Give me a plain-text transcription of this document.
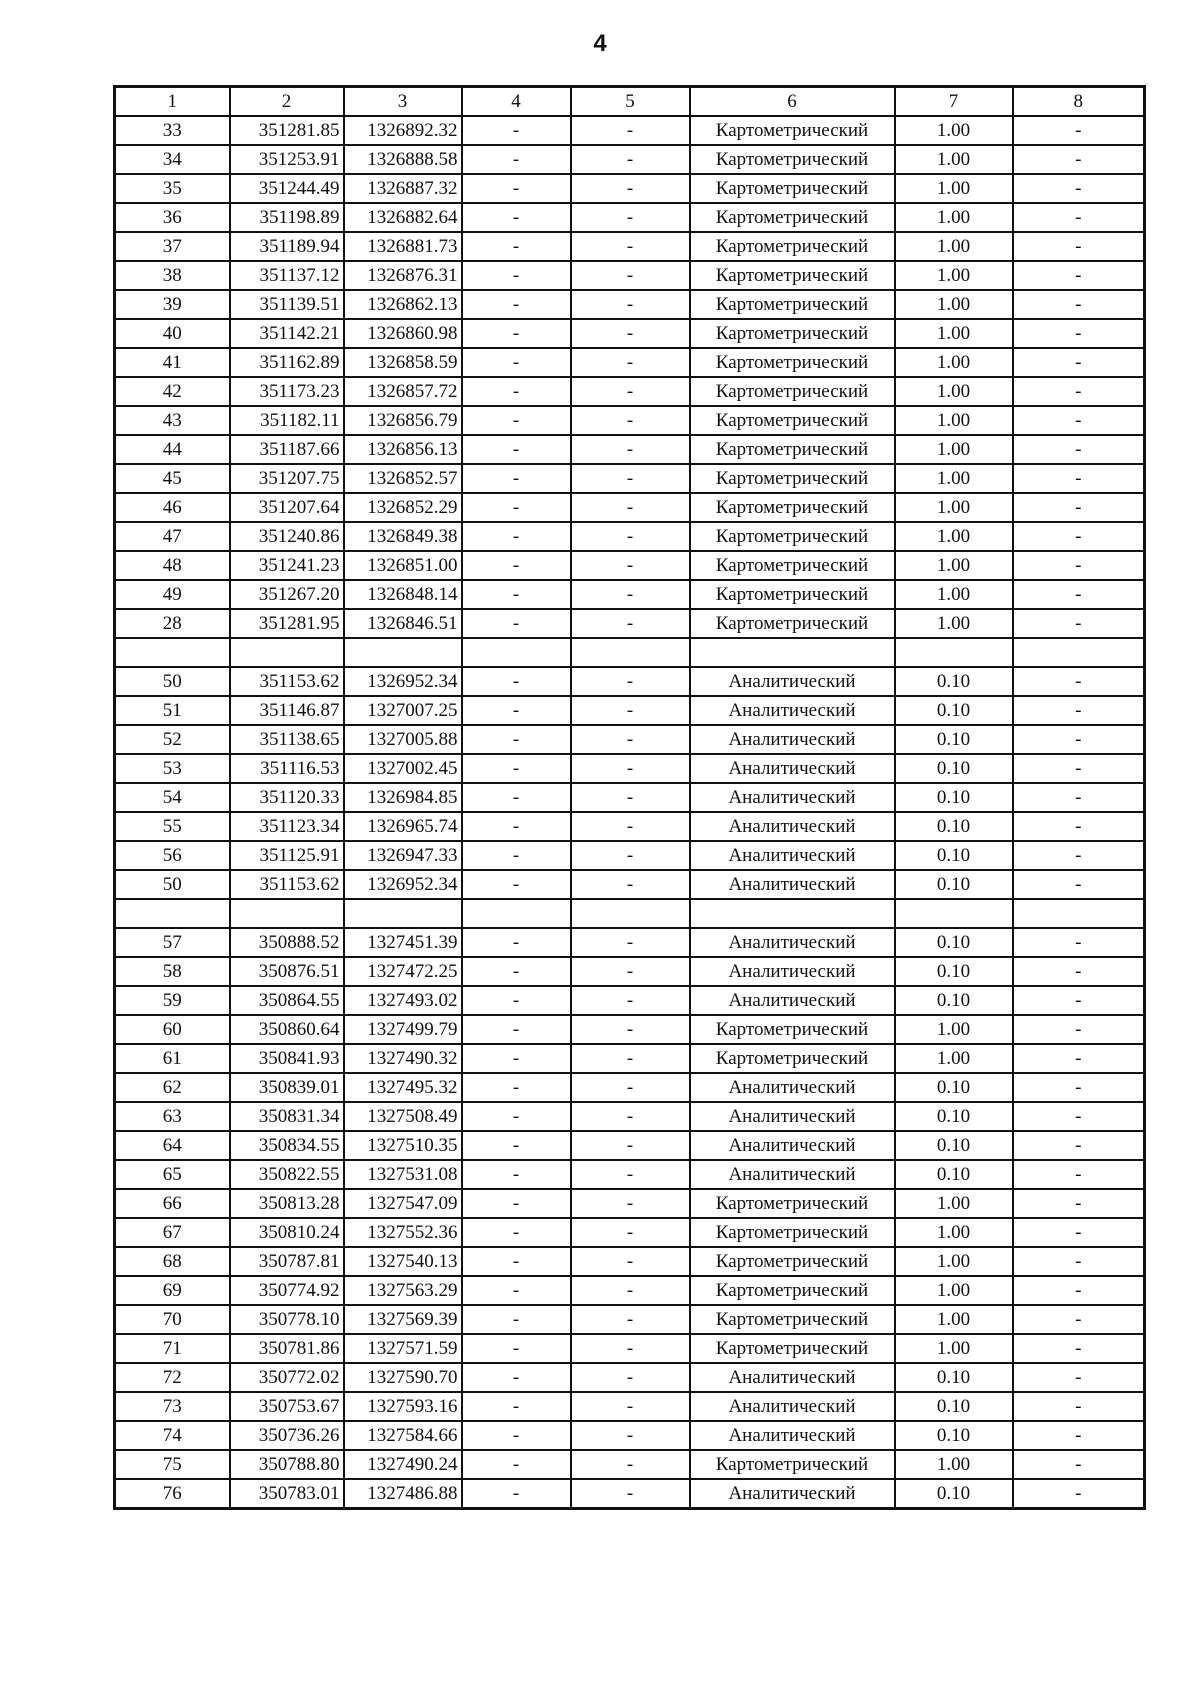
4
1	2	3	4	5	6	7	8
33	351281.85	1326892.32	-	-	Картометрический	1.00	-
34	351253.91	1326888.58	-	-	Картометрический	1.00	-
35	351244.49	1326887.32	-	-	Картометрический	1.00	-
36	351198.89	1326882.64	-	-	Картометрический	1.00	-
37	351189.94	1326881.73	-	-	Картометрический	1.00	-
38	351137.12	1326876.31	-	-	Картометрический	1.00	-
39	351139.51	1326862.13	-	-	Картометрический	1.00	-
40	351142.21	1326860.98	-	-	Картометрический	1.00	-
41	351162.89	1326858.59	-	-	Картометрический	1.00	-
42	351173.23	1326857.72	-	-	Картометрический	1.00	-
43	351182.11	1326856.79	-	-	Картометрический	1.00	-
44	351187.66	1326856.13	-	-	Картометрический	1.00	-
45	351207.75	1326852.57	-	-	Картометрический	1.00	-
46	351207.64	1326852.29	-	-	Картометрический	1.00	-
47	351240.86	1326849.38	-	-	Картометрический	1.00	-
48	351241.23	1326851.00	-	-	Картометрический	1.00	-
49	351267.20	1326848.14	-	-	Картометрический	1.00	-
28	351281.95	1326846.51	-	-	Картометрический	1.00	-

50	351153.62	1326952.34	-	-	Аналитический	0.10	-
51	351146.87	1327007.25	-	-	Аналитический	0.10	-
52	351138.65	1327005.88	-	-	Аналитический	0.10	-
53	351116.53	1327002.45	-	-	Аналитический	0.10	-
54	351120.33	1326984.85	-	-	Аналитический	0.10	-
55	351123.34	1326965.74	-	-	Аналитический	0.10	-
56	351125.91	1326947.33	-	-	Аналитический	0.10	-
50	351153.62	1326952.34	-	-	Аналитический	0.10	-

57	350888.52	1327451.39	-	-	Аналитический	0.10	-
58	350876.51	1327472.25	-	-	Аналитический	0.10	-
59	350864.55	1327493.02	-	-	Аналитический	0.10	-
60	350860.64	1327499.79	-	-	Картометрический	1.00	-
61	350841.93	1327490.32	-	-	Картометрический	1.00	-
62	350839.01	1327495.32	-	-	Аналитический	0.10	-
63	350831.34	1327508.49	-	-	Аналитический	0.10	-
64	350834.55	1327510.35	-	-	Аналитический	0.10	-
65	350822.55	1327531.08	-	-	Аналитический	0.10	-
66	350813.28	1327547.09	-	-	Картометрический	1.00	-
67	350810.24	1327552.36	-	-	Картометрический	1.00	-
68	350787.81	1327540.13	-	-	Картометрический	1.00	-
69	350774.92	1327563.29	-	-	Картометрический	1.00	-
70	350778.10	1327569.39	-	-	Картометрический	1.00	-
71	350781.86	1327571.59	-	-	Картометрический	1.00	-
72	350772.02	1327590.70	-	-	Аналитический	0.10	-
73	350753.67	1327593.16	-	-	Аналитический	0.10	-
74	350736.26	1327584.66	-	-	Аналитический	0.10	-
75	350788.80	1327490.24	-	-	Картометрический	1.00	-
76	350783.01	1327486.88	-	-	Аналитический	0.10	-
